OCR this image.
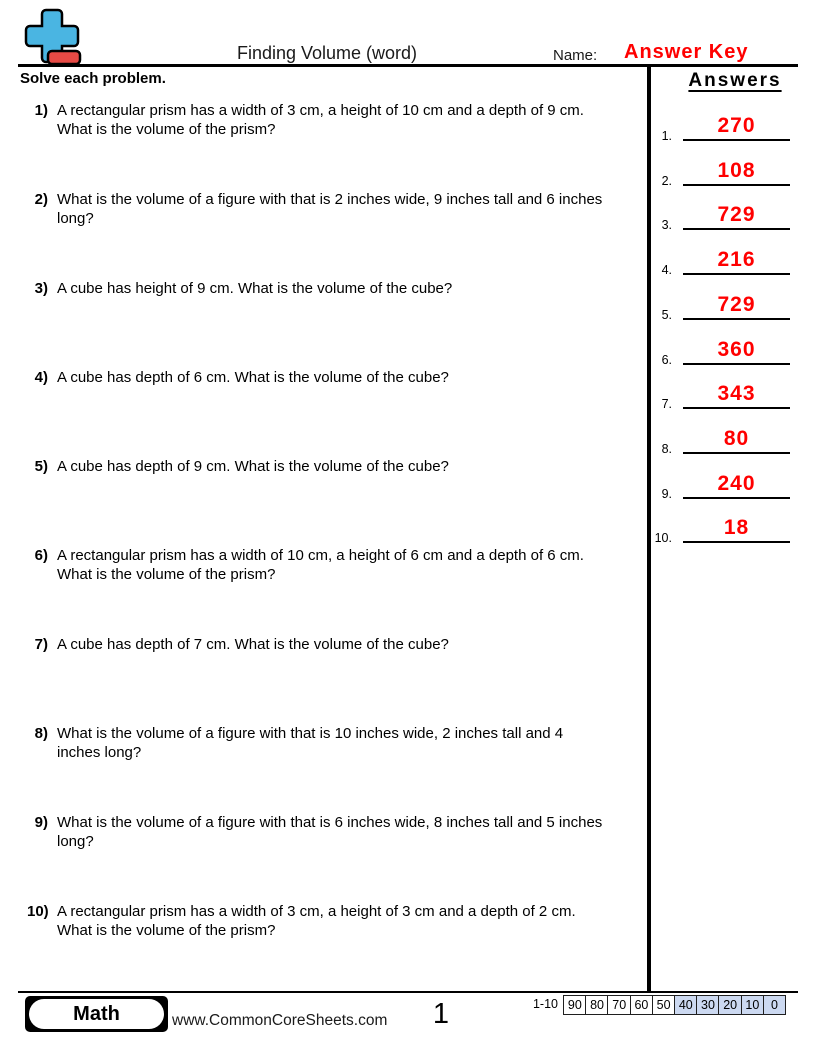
Finding Volume (word)	Name: Answer Key
Solve each problem.	Answers
1.	270
2.	108
3.	729
4.	216
5.	729
6.	360
7.	343
8.	80
9.	240
10.	18
1) A rectangular prism has a width of 3 cm, a height of 10 cm and a depth of 9 cm.
What is the volume of the prism?
2) What is the volume of a figure with that is 2 inches wide, 9 inches tall and 6 inches
long?
3) A cube has height of 9 cm. What is the volume of the cube?
4) A cube has depth of 6 cm. What is the volume of the cube?
5) A cube has depth of 9 cm. What is the volume of the cube?
6) A rectangular prism has a width of 10 cm, a height of 6 cm and a depth of 6 cm.
What is the volume of the prism?
7) A cube has depth of 7 cm. What is the volume of the cube?
8) What is the volume of a figure with that is 10 inches wide, 2 inches tall and 4
inches long?
9) What is the volume of a figure with that is 6 inches wide, 8 inches tall and 5 inches
long?
10) A rectangular prism has a width of 3 cm, a height of 3 cm and a depth of 2 cm.
What is the volume of the prism?
Math	www.CommonCoreSheets.com 1	1-10 90 80 70 60 50 40 30 20 10 0
